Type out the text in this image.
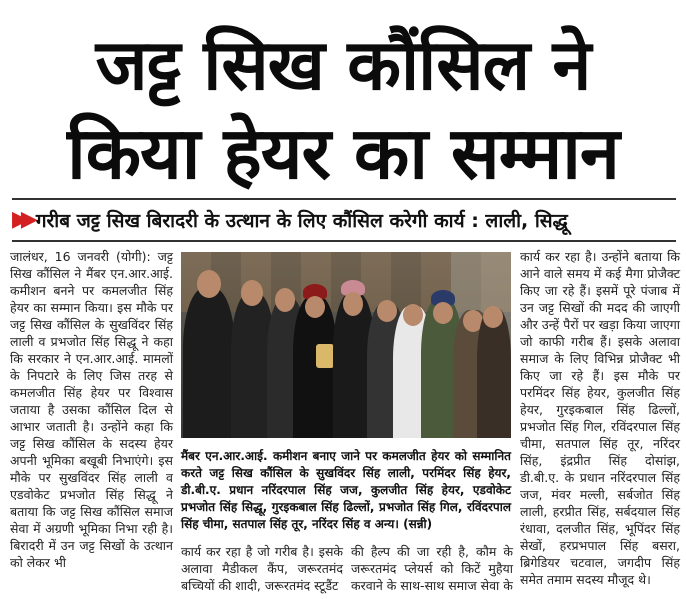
जट्ट सिख कौंसिल ने
किया हेयर का सम्मान
▶▶ गरीब जट्ट सिख बिरादरी के उत्थान के लिए कौंसिल करेगी कार्य : लाली, सिद्धू

जालंधर, 16 जनवरी (योगी): जट्ट सिख कौंसिल ने मैंबर एन.आर.आई. कमीशन बनने पर कमलजीत सिंह हेयर का सम्मान किया। इस मौके पर जट्ट सिख कौंसिल के सुखविंदर सिंह लाली व प्रभजोत सिंह सिद्धू ने कहा कि सरकार ने एन.आर.आई. मामलों के निपटारे के लिए जिस तरह से कमलजीत सिंह हेयर पर विश्वास जताया है उसका कौंसिल दिल से आभार जताती है। उन्होंने कहा कि जट्ट सिख कौंसिल के सदस्य हेयर अपनी भूमिका बखूबी निभाएंगे। इस मौके पर सुखविंदर सिंह लाली व एडवोकेट प्रभजोत सिंह सिद्धू ने बताया कि जट्ट सिख कौंसिल समाज सेवा में अग्रणी भूमिका निभा रही है। बिरादरी में उन जट्ट सिखों के उत्थान को लेकर भी

मैंबर एन.आर.आई. कमीशन बनाए जाने पर कमलजीत हेयर को सम्मानित करते जट्ट सिख कौंसिल के सुखविंदर सिंह लाली, परमिंदर सिंह हेयर, डी.बी.ए. प्रधान नरिंदरपाल सिंह जज, कुलजीत सिंह हेयर, एडवोकेट प्रभजोत सिंह सिद्धू, गुरइकबाल सिंह ढिल्लों, प्रभजोत सिंह गिल, रविंदरपाल सिंह चीमा, सतपाल सिंह तूर, नरिंदर सिंह व अन्य। (सन्नी)
कार्य कर रहा है जो गरीब है। इसके अलावा मैडीकल कैंप, जरूरतमंद बच्चियों की शादी, जरूरतमंद स्टूडैंट
की हैल्प की जा रही है, कौम के जरूरतमंद प्लेयर्स को किटें मुहैया करवाने के साथ-साथ समाज सेवा के

कार्य कर रहा है। उन्होंने बताया कि आने वाले समय में कई मैगा प्रोजैक्ट किए जा रहे हैं। इसमें पूरे पंजाब में उन जट्ट सिखों की मदद की जाएगी और उन्हें पैरों पर खड़ा किया जाएगा जो काफी गरीब हैं। इसके अलावा समाज के लिए विभिन्न प्रोजैक्ट भी किए जा रहे हैं। इस मौके पर परमिंदर सिंह हेयर, कुलजीत सिंह हेयर, गुरइकबाल सिंह ढिल्लों, प्रभजोत सिंह गिल, रविंदरपाल सिंह चीमा, सतपाल सिंह तूर, नरिंदर सिंह, इंद्रप्रीत सिंह दोसांझ, डी.बी.ए. के प्रधान नरिंदरपाल सिंह जज, मंवर मल्ली, सर्बजोत सिंह लाली, हरप्रीत सिंह, सर्बदयाल सिंह रंधावा, दलजीत सिंह, भूपिंदर सिंह सेखों, हरप्रभपाल सिंह बसरा, ब्रिगेडियर चटवाल, जगदीप सिंह समेत तमाम सदस्य मौजूद थे।
